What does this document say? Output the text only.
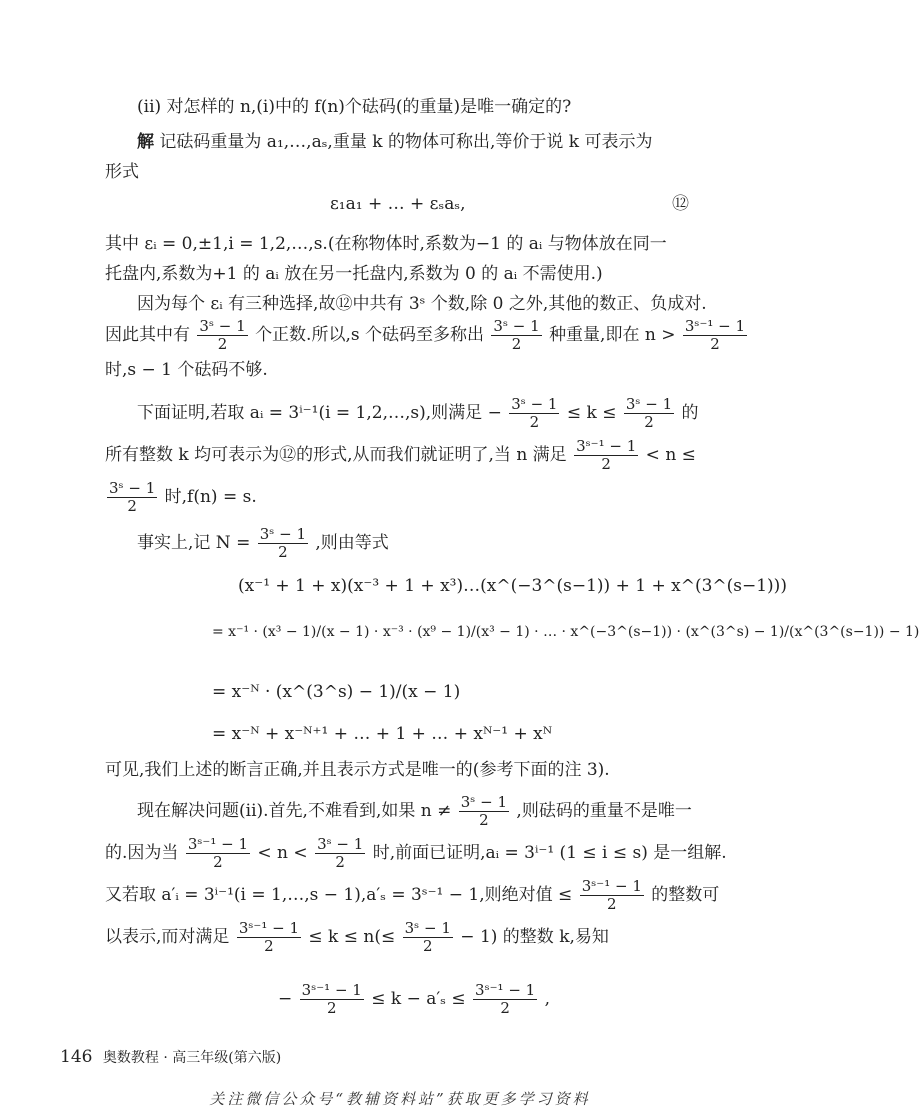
(ii) 对怎样的 n,(i)中的 f(n)个砝码(的重量)是唯一确定的?
解 记砝码重量为 a₁,…,aₛ,重量 k 的物体可称出,等价于说 k 可表示为
形式
ε₁a₁ + … + εₛaₛ,	⑫
其中 εᵢ = 0,±1,i = 1,2,…,s.(在称物体时,系数为−1 的 aᵢ 与物体放在同一
托盘内,系数为+1 的 aᵢ 放在另一托盘内,系数为 0 的 aᵢ 不需使用.)
因为每个 εᵢ 有三种选择,故⑫中共有 3ˢ 个数,除 0 之外,其他的数正、负成对.
因此其中有 $\frac{\text{3ˢ − 1}}{2}$ 个正数.所以,s 个砝码至多称出 $\frac{\text{3ˢ − 1}}{2}$ 种重量,即在 $n > \frac{\text{3ˢ⁻¹ − 1}}{2}$
时,s − 1 个砝码不够.
下面证明,若取 aᵢ = 3ⁱ⁻¹(i = 1,2,…,s),则满足 − $\frac{\text{3ˢ − 1}}{2} \le k \le \frac{\text{3ˢ − 1}}{2}$ 的
所有整数 k 均可表示为⑫的形式,从而我们就证明了,当 n 满足 $\frac{\text{3ˢ⁻¹ − 1}}{2} < n$ ≤
$\frac{\text{3ˢ − 1}}{2}$ 时,f(n) = s.
事实上,记 $N = \frac{\text{3ˢ − 1}}{2}$ ,则由等式
(x⁻¹ + 1 + x)(x⁻³ + 1 + x³)…(x^(−3^(s−1)) + 1 + x^(3^(s−1)))
= x⁻¹ · (x³ − 1)/(x − 1) · x⁻³ · (x⁹ − 1)/(x³ − 1) · … · x^(−3^(s−1)) · (x^(3^s) − 1)/(x^(3^(s−1)) − 1)
= x⁻ᴺ · (x^(3^s) − 1)/(x − 1)
= x⁻ᴺ + x⁻ᴺ⁺¹ + … + 1 + … + xᴺ⁻¹ + xᴺ
可见,我们上述的断言正确,并且表示方式是唯一的(参考下面的注 3).
现在解决问题(ii).首先,不难看到,如果 $n \ne \frac{\text{3ˢ − 1}}{2}$ ,则砝码的重量不是唯一
的.因为当 $\frac{\text{3ˢ⁻¹ − 1}}{2} < n < \frac{\text{3ˢ − 1}}{2}$ 时,前面已证明,aᵢ = 3ⁱ⁻¹ (1 ≤ i ≤ s) 是一组解.
又若取 a′ᵢ = 3ⁱ⁻¹(i = 1,…,s − 1),a′ₛ = 3ˢ⁻¹ − 1,则绝对值 ≤ $\frac{\text{3ˢ⁻¹ − 1}}{2}$ 的整数可
以表示,而对满足 $\frac{\text{3ˢ⁻¹ − 1}}{2} \le k \le n(\le \frac{\text{3ˢ − 1}}{2} - 1)$ 的整数 k,易知
− $\frac{\text{3ˢ⁻¹ − 1}}{2} \le k - a'_s \le \frac{\text{3ˢ⁻¹ − 1}}{2}$ ,
146 奥数教程 · 高三年级(第六版)
关注微信公众号“教辅资料站”获取更多学习资料
